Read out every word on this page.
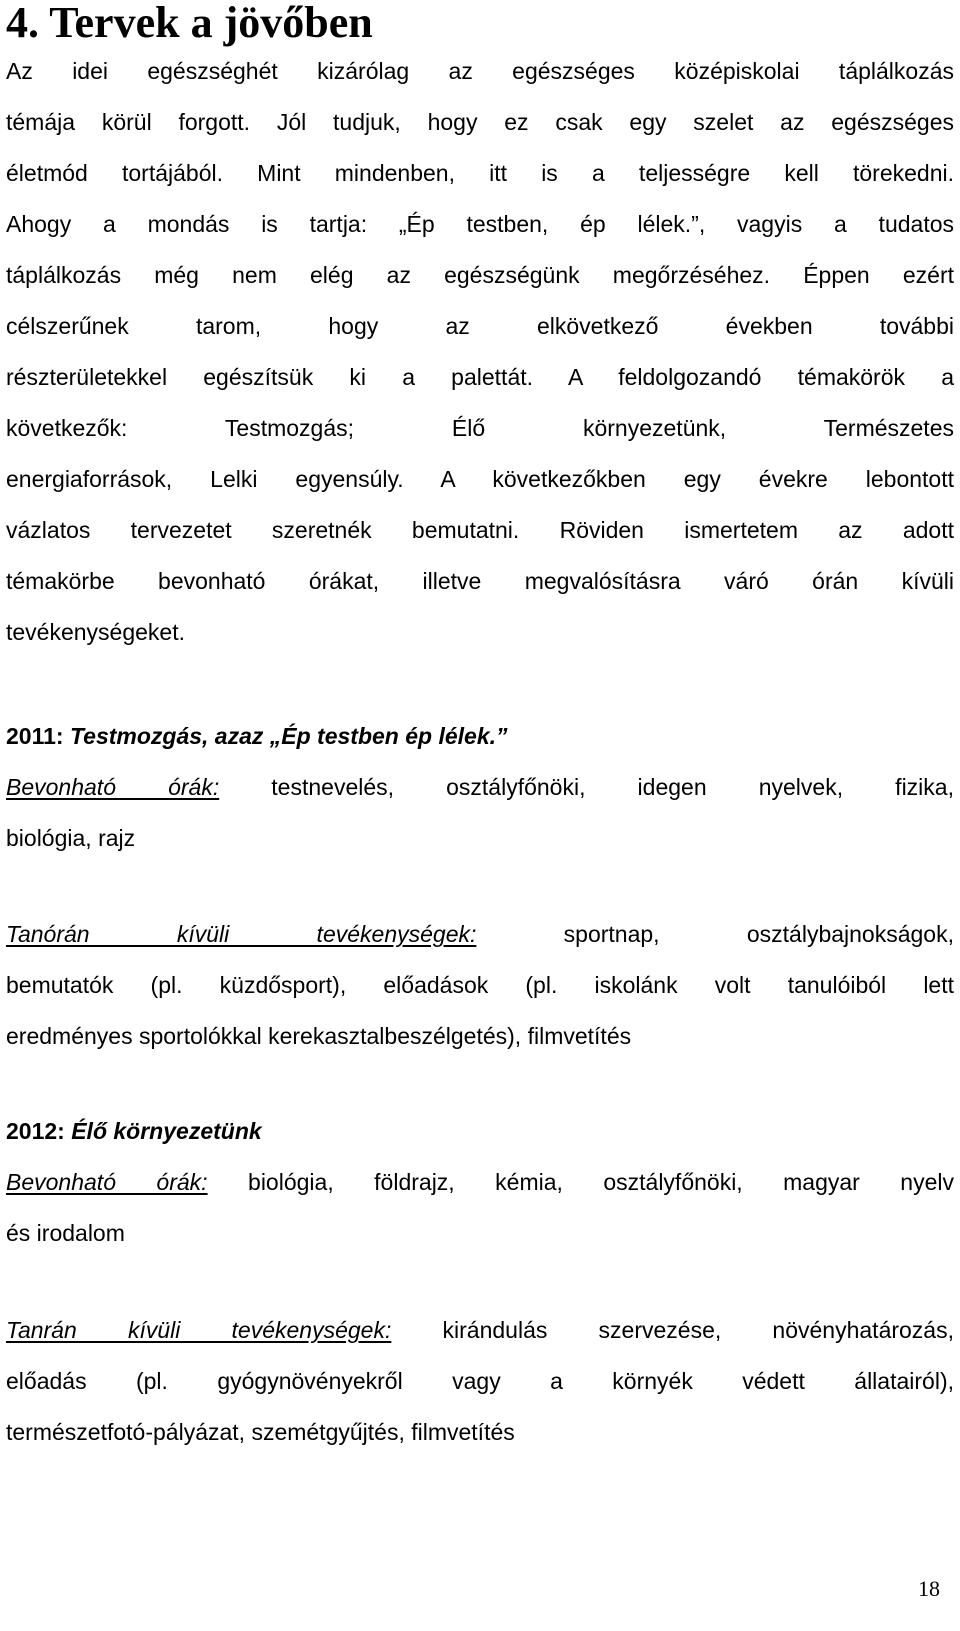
4. Tervek a jövőben
Az idei egészséghét kizárólag az egészséges középiskolai táplálkozás
témája körül forgott. Jól tudjuk, hogy ez csak egy szelet az egészséges
életmód tortájából. Mint mindenben, itt is a teljességre kell törekedni.
Ahogy a mondás is tartja: „Ép testben, ép lélek.”, vagyis a tudatos
táplálkozás még nem elég az egészségünk megőrzéséhez. Éppen ezért
célszerűnek tarom, hogy az elkövetkező években további
részterületekkel egészítsük ki a palettát. A feldolgozandó témakörök a
következők: Testmozgás; Élő környezetünk, Természetes
energiaforrások, Lelki egyensúly. A következőkben egy évekre lebontott
vázlatos tervezetet szeretnék bemutatni. Röviden ismertetem az adott
témakörbe bevonható órákat, illetve megvalósításra váró órán kívüli
tevékenységeket.
2011: Testmozgás, azaz „Ép testben ép lélek.”
Bevonható órák: testnevelés, osztályfőnöki, idegen nyelvek, fizika,
biológia, rajz
Tanórán kívüli tevékenységek: sportnap, osztálybajnokságok,
bemutatók (pl. küzdősport), előadások (pl. iskolánk volt tanulóiból lett
eredményes sportolókkal kerekasztalbeszélgetés), filmvetítés
2012: Élő környezetünk
Bevonható órák: biológia, földrajz, kémia, osztályfőnöki, magyar nyelv
és irodalom
Tanrán kívüli tevékenységek: kirándulás szervezése, növényhatározás,
előadás (pl. gyógynövényekről vagy a környék védett állatairól),
természetfotó-pályázat, szemétgyűjtés, filmvetítés
18
